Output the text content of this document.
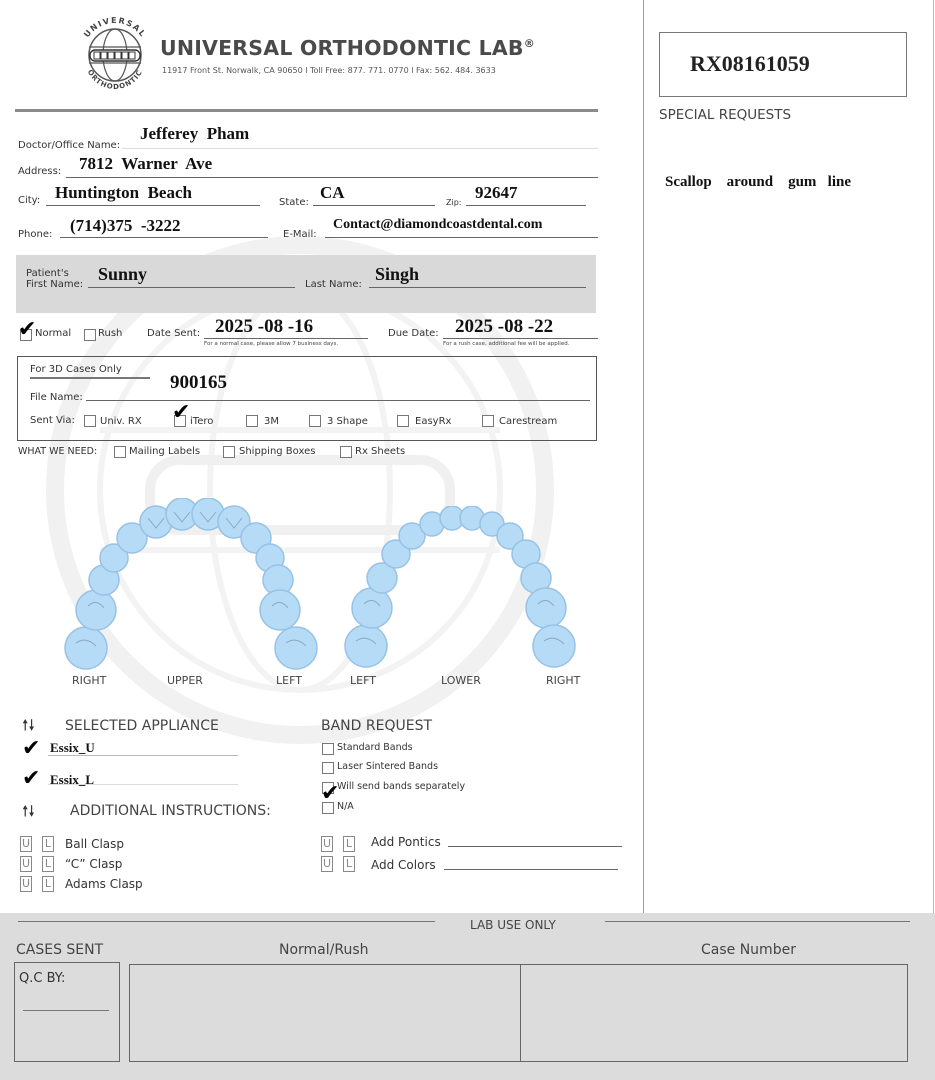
UNIVERSAL
ORTHODONTIC
UNIVERSAL ORTHODONTIC LAB®
11917 Front St. Norwalk, CA 90650 l Toll Free: 877. 771. 0770 l Fax: 562. 484. 3633	RX08161059
SPECIAL REQUESTS
Scallop    around    gum   line
Doctor/Office Name:
Jefferey  Pham
Address: 7812  Warner  Ave
City: Huntington  Beach
State:
CA
Zip:
92647
Phone: (714)375  -3222	E-Mail:
Contact@diamondcoastdental.com
Patient's
First Name:
Sunny
Last Name:
Singh
✔
Normal	Rush Date Sent: 2025 -08 -16
For a normal case, please allow 7 business days.
Due Date: 2025 -08 -22
For a rush case, additional fee will be applied.
For 3D Cases Only
File Name:
900165
Sent Via:	Univ. RX ✔ iTero	3M	3 Shape	EasyRx	Carestream
WHAT WE NEED:	Mailing Labels	Shipping Boxes	Rx Sheets
RIGHT	UPPER	LEFT	LEFT	LOWER	RIGHT
🠕🠗 SELECTED APPLIANCE
✔ Essix_U
✔ Essix_L
BAND REQUEST
Standard Bands
Laser Sintered Bands
Will send bands separately
✔
N/A
🠕🠗	ADDITIONAL INSTRUCTIONS:
U L Ball Clasp
U L “C” Clasp
U L Adams Clasp
U L Add Pontics
U L Add Colors
LAB USE ONLY
CASES SENT	Normal/Rush	Case Number
Q.C BY:
